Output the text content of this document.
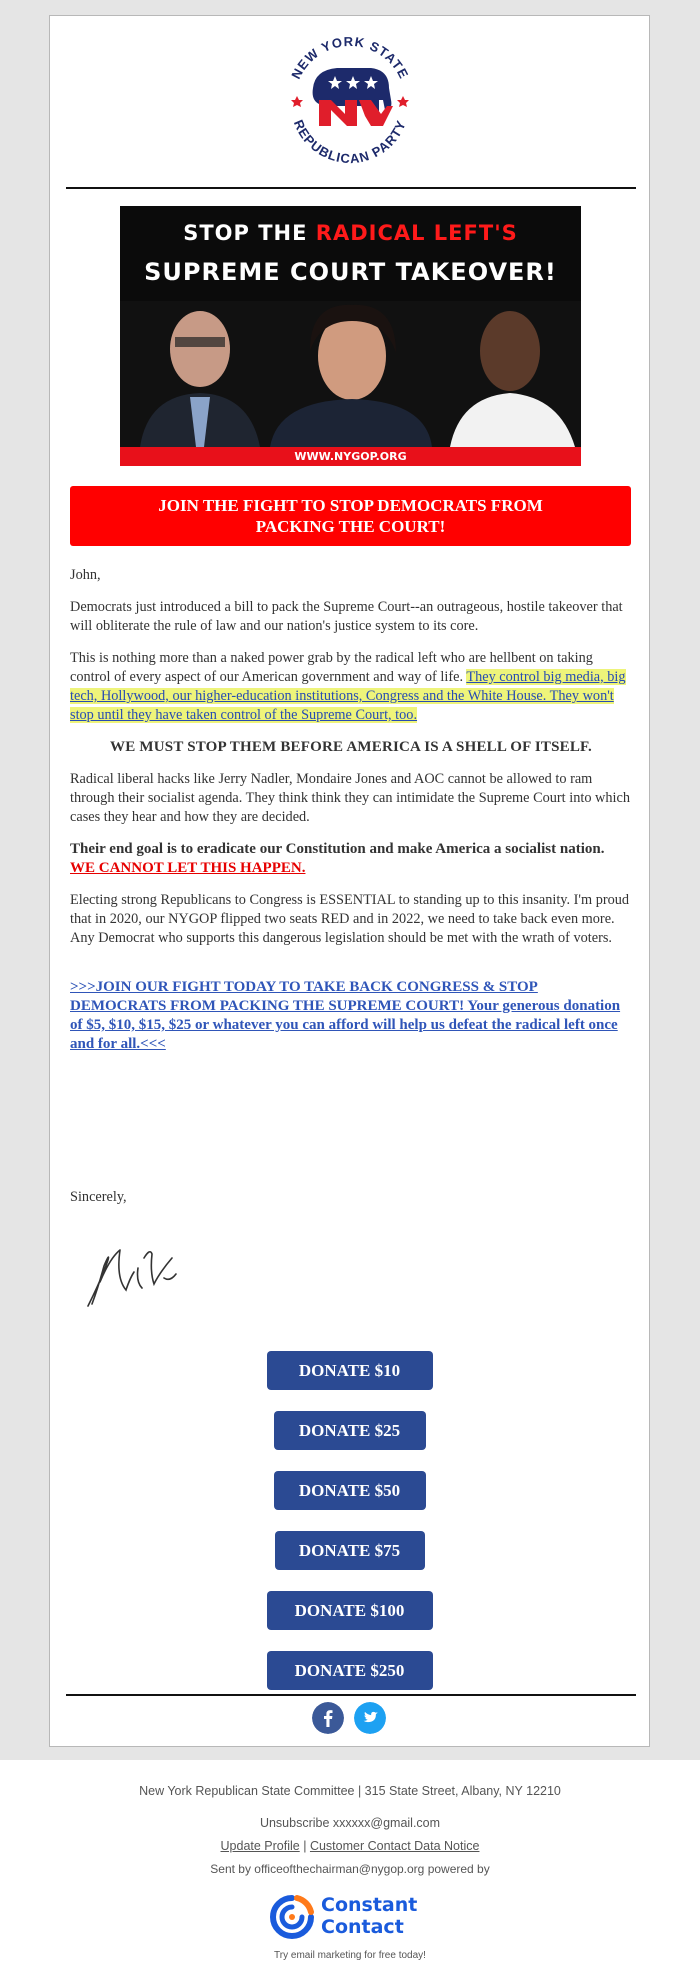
NEW YORK STATE
REPUBLICAN PARTY
STOP THE RADICAL LEFT'S
SUPREME COURT TAKEOVER!
WWW.NYGOP.ORG
JOIN THE FIGHT TO STOP DEMOCRATS FROM
PACKING THE COURT!

John,

Democrats just introduced a bill to pack the Supreme Court--an outrageous, hostile takeover that will obliterate the rule of law and our nation's justice system to its core.

This is nothing more than a naked power grab by the radical left who are hellbent on taking control of every aspect of our American government and way of life. They control big media, big tech, Hollywood, our higher-education institutions, Congress and the White House. They won't stop until they have taken control of the Supreme Court, too.

WE MUST STOP THEM BEFORE AMERICA IS A SHELL OF ITSELF.

Radical liberal hacks like Jerry Nadler, Mondaire Jones and AOC cannot be allowed to ram through their socialist agenda. They think think they can intimidate the Supreme Court into which cases they hear and how they are decided.

Their end goal is to eradicate our Constitution and make America a socialist nation. WE CANNOT LET THIS HAPPEN.

Electing strong Republicans to Congress is ESSENTIAL to standing up to this insanity. I'm proud that in 2020, our NYGOP flipped two seats RED and in 2022, we need to take back even more. Any Democrat who supports this dangerous legislation should be met with the wrath of voters.

>>>JOIN OUR FIGHT TODAY TO TAKE BACK CONGRESS & STOP DEMOCRATS FROM PACKING THE SUPREME COURT! Your generous donation of $5, $10, $15, $25 or whatever you can afford will help us defeat the radical left once and for all.<<<
Sincerely,
DONATE $10
DONATE $25
DONATE $50
DONATE $75
DONATE $100
DONATE $250
New York Republican State Committee | 315 State Street, Albany, NY 12210
Unsubscribe xxxxxx@gmail.com
Update Profile | Customer Contact Data Notice
Sent by officeofthechairman@nygop.org powered by
Constant
Contact
Try email marketing for free today!
